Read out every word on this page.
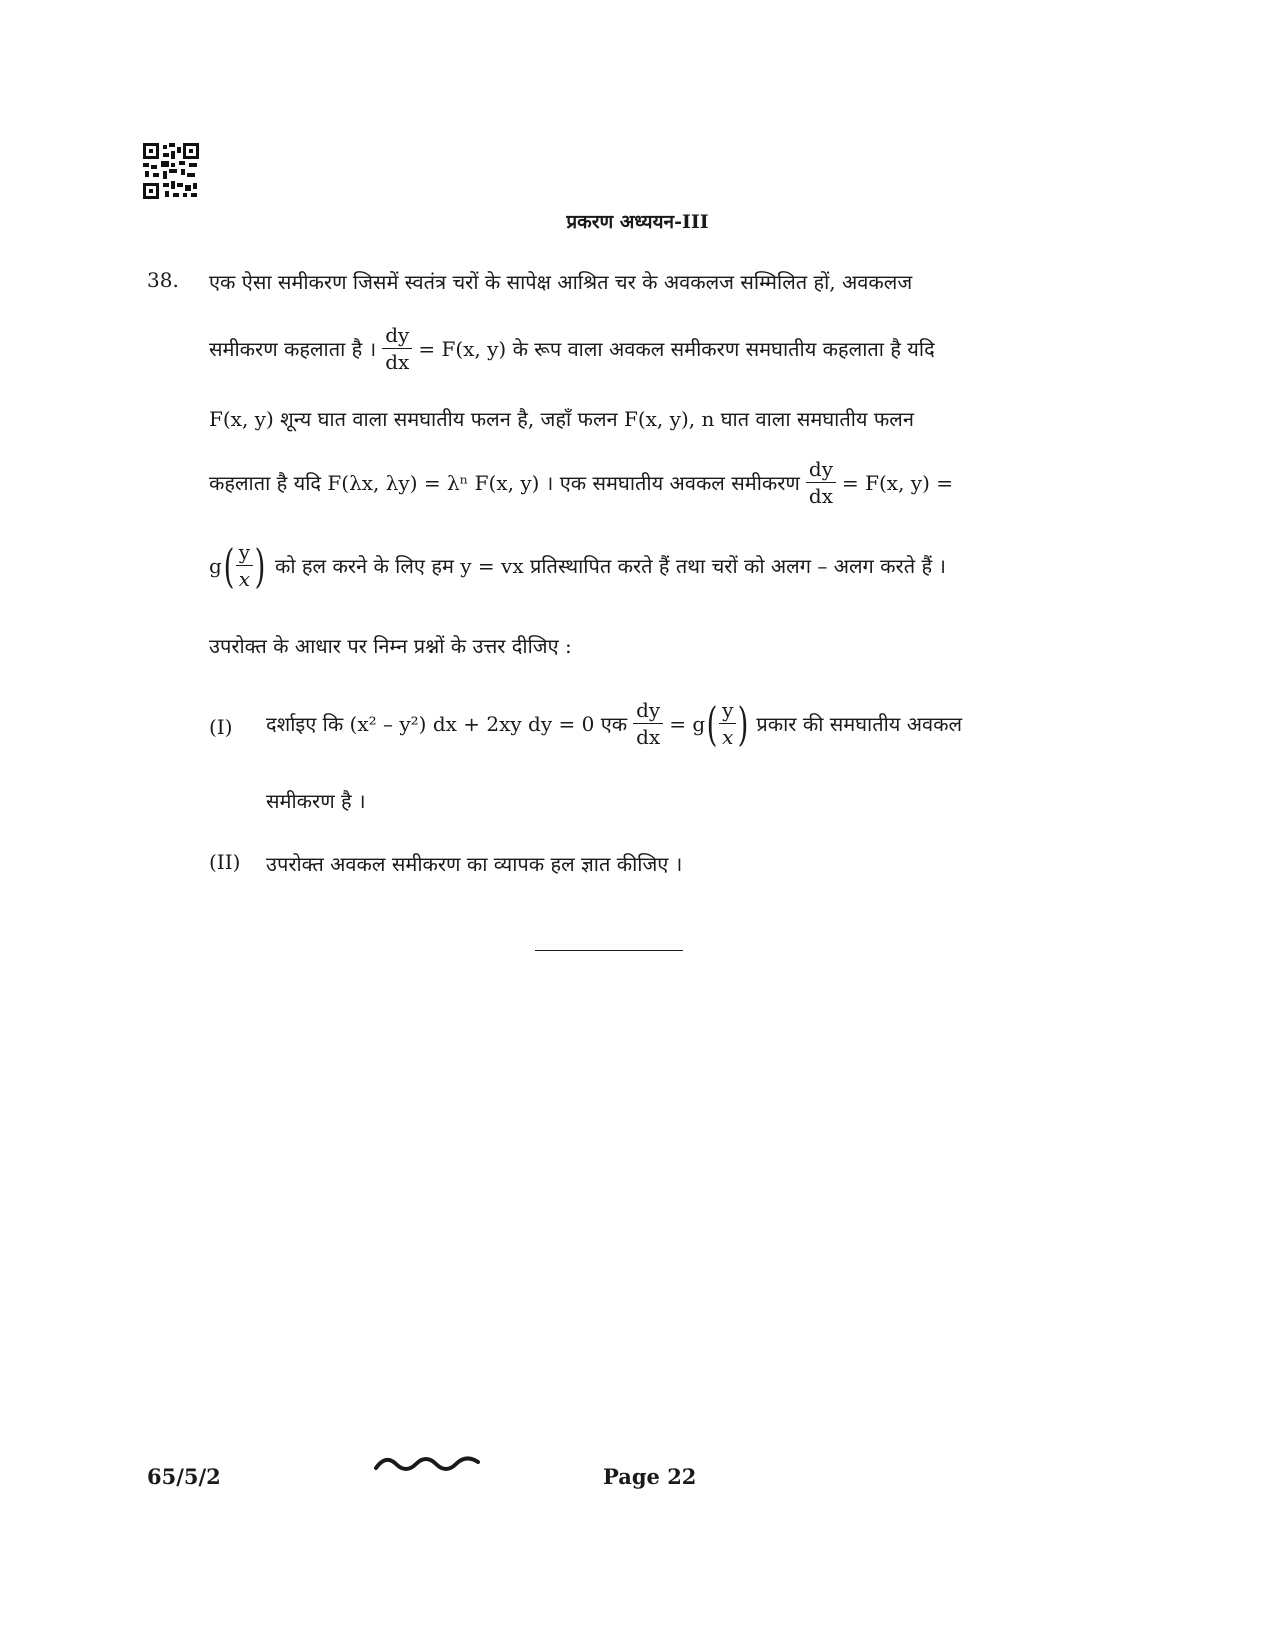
प्रकरण अध्ययन-III
38. एक ऐसा समीकरण जिसमें स्वतंत्र चरों के सापेक्ष आश्रित चर के अवकलज सम्मिलित हों, अवकलज
समीकरण कहलाता है । $\frac{dy}{dx} = F(x$, y) के रूप वाला अवकल समीकरण समघातीय कहलाता है यदि
F(x, y) शून्य घात वाला समघातीय फलन है, जहाँ फलन F(x, y), n घात वाला समघातीय फलन
कहलाता है यदि F(λx, λy) = λⁿ F(x, y) । एक समघातीय अवकल समीकरण $\frac{dy}{dx} = F(x$, y) =
g ( $\frac{y}{x}$ ) को हल करने के लिए हम y = vx प्रतिस्थापित करते हैं तथा चरों को अलग – अलग करते हैं ।
उपरोक्त के आधार पर निम्न प्रश्नों के उत्तर दीजिए :
(I) दर्शाइए कि (x² – y²) dx + 2xy dy = 0 एक $\frac{dy}{dx} = g$ ( $\frac{y}{x}$ ) प्रकार की समघातीय अवकल
समीकरण है ।
(II) उपरोक्त अवकल समीकरण का व्यापक हल ज्ञात कीजिए ।
65/5/2	Page 22
